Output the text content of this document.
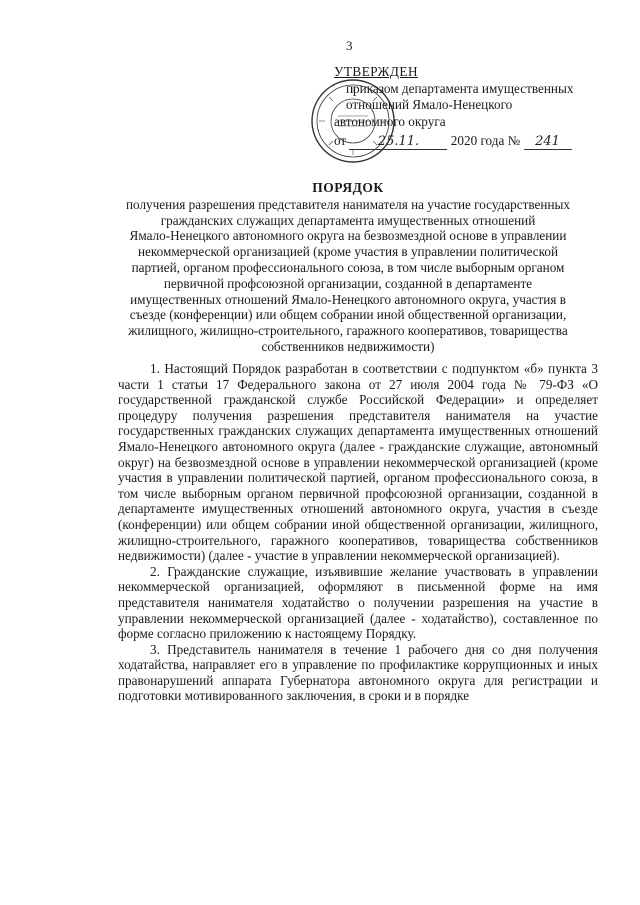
3
УТВЕРЖДЕН
приказом департамента имущественных
отношений Ямало-Ненецкого
автономного округа
от 25.11. 2020 года № 241
ПОРЯДОК
получения разрешения представителя нанимателя на участие государственных
гражданских служащих департамента имущественных отношений
Ямало-Ненецкого автономного округа на безвозмездной основе в управлении
некоммерческой организацией (кроме участия в управлении политической
партией, органом профессионального союза, в том числе выборным органом
первичной профсоюзной организации, созданной в департаменте
имущественных отношений Ямало-Ненецкого автономного округа, участия в
съезде (конференции) или общем собрании иной общественной организации,
жилищного, жилищно-строительного, гаражного кооперативов, товарищества
собственников недвижимости)

1. Настоящий Порядок разработан в соответствии с подпунктом «б» пункта 3 части 1 статьи 17 Федерального закона от 27 июля 2004 года № 79-ФЗ «О государственной гражданской службе Российской Федерации» и определяет процедуру получения разрешения представителя нанимателя на участие государственных гражданских служащих департамента имущественных отношений Ямало-Ненецкого автономного округа (далее - гражданские служащие, автономный округ) на безвозмездной основе в управлении некоммерческой организацией (кроме участия в управлении политической партией, органом профессионального союза, в том числе выборным органом первичной профсоюзной организации, созданной в департаменте имущественных отношений автономного округа, участия в съезде (конференции) или общем собрании иной общественной организации, жилищного, жилищно-строительного, гаражного кооперативов, товарищества собственников недвижимости) (далее - участие в управлении некоммерческой организацией).

2. Гражданские служащие, изъявившие желание участвовать в управлении некоммерческой организацией, оформляют в письменной форме на имя представителя нанимателя ходатайство о получении разрешения на участие в управлении некоммерческой организацией (далее - ходатайство), составленное по форме согласно приложению к настоящему Порядку.

3. Представитель нанимателя в течение 1 рабочего дня со дня получения ходатайства, направляет его в управление по профилактике коррупционных и иных правонарушений аппарата Губернатора автономного округа для регистрации и подготовки мотивированного заключения, в сроки и в порядке
